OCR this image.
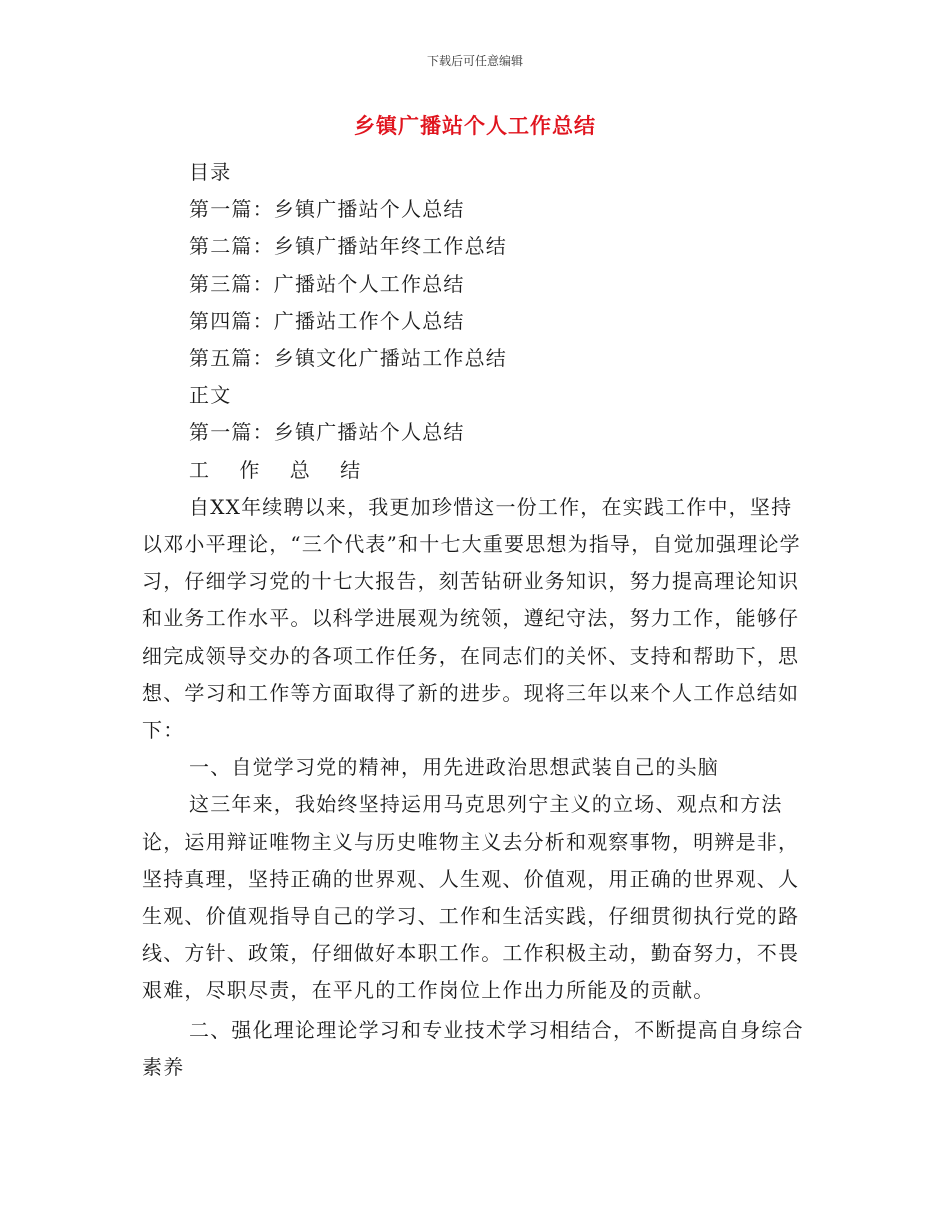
下载后可任意编辑
乡镇广播站个人工作总结

目录

第一篇：乡镇广播站个人总结

第二篇：乡镇广播站年终工作总结

第三篇：广播站个人工作总结

第四篇：广播站工作个人总结

第五篇：乡镇文化广播站工作总结

正文

第一篇：乡镇广播站个人总结

工 作 总 结

自XX年续聘以来，我更加珍惜这一份工作，在实践工作中，坚持以邓小平理论，“三个代表”和十七大重要思想为指导，自觉加强理论学习，仔细学习党的十七大报告，刻苦钻研业务知识，努力提高理论知识和业务工作水平。以科学进展观为统领，遵纪守法，努力工作，能够仔细完成领导交办的各项工作任务，在同志们的关怀、支持和帮助下，思想、学习和工作等方面取得了新的进步。现将三年以来个人工作总结如下：

一、自觉学习党的精神，用先进政治思想武装自己的头脑

这三年来，我始终坚持运用马克思列宁主义的立场、观点和方法论，运用辩证唯物主义与历史唯物主义去分析和观察事物，明辨是非，坚持真理，坚持正确的世界观、人生观、价值观，用正确的世界观、人生观、价值观指导自己的学习、工作和生活实践，仔细贯彻执行党的路线、方针、政策，仔细做好本职工作。工作积极主动，勤奋努力，不畏艰难，尽职尽责，在平凡的工作岗位上作出力所能及的贡献。

二、强化理论理论学习和专业技术学习相结合，不断提高自身综合素养
